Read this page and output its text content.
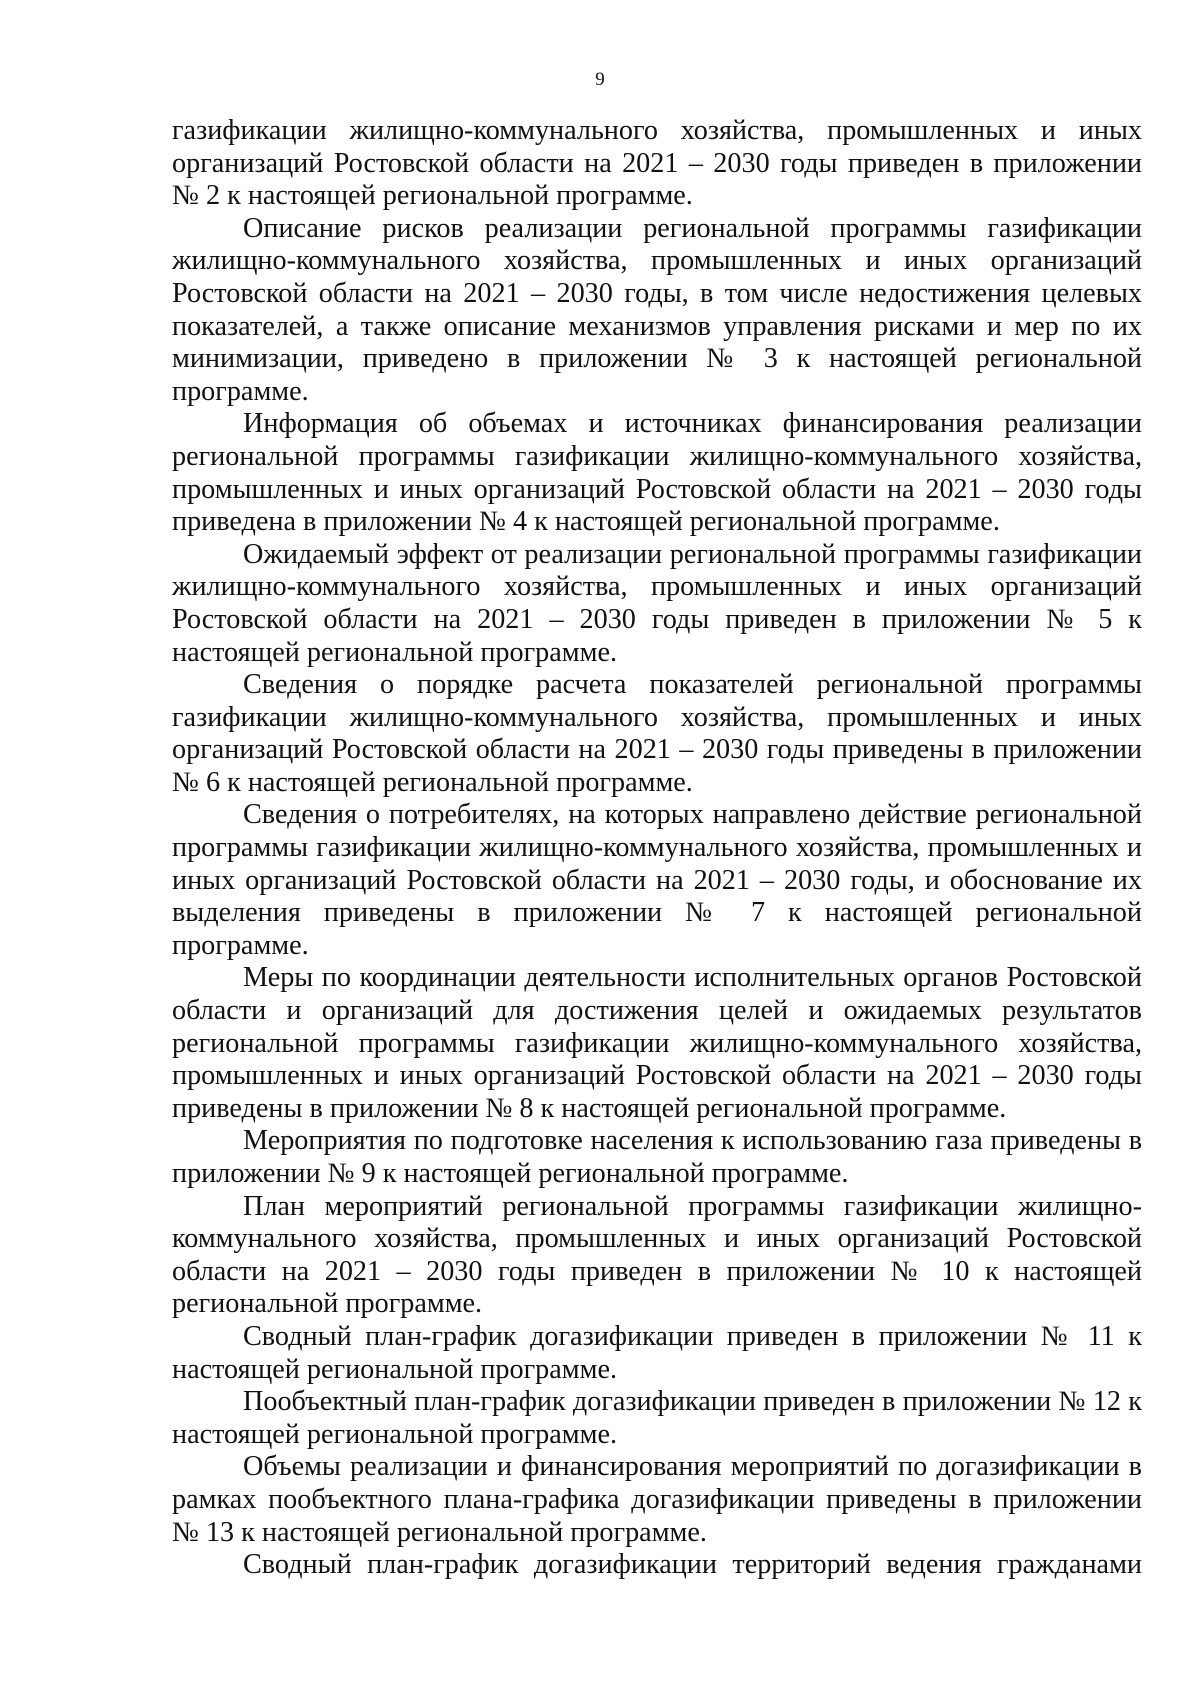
9

газификации жилищно-коммунального хозяйства, промышленных и иных организаций Ростовской области на 2021 – 2030 годы приведен в приложении № 2 к настоящей региональной программе.

Описание рисков реализации региональной программы газификации жилищно-коммунального хозяйства, промышленных и иных организаций Ростовской области на 2021 – 2030 годы, в том числе недостижения целевых показателей, а также описание механизмов управления рисками и мер по их минимизации, приведено в приложении № 3 к настоящей региональной программе.

Информация об объемах и источниках финансирования реализации региональной программы газификации жилищно-коммунального хозяйства, промышленных и иных организаций Ростовской области на 2021 – 2030 годы приведена в приложении № 4 к настоящей региональной программе.

Ожидаемый эффект от реализации региональной программы газификации жилищно-коммунального хозяйства, промышленных и иных организаций Ростовской области на 2021 – 2030 годы приведен в приложении № 5 к настоящей региональной программе.

Сведения о порядке расчета показателей региональной программы газификации жилищно-коммунального хозяйства, промышленных и иных организаций Ростовской области на 2021 – 2030 годы приведены в приложении № 6 к настоящей региональной программе.

Сведения о потребителях, на которых направлено действие региональной программы газификации жилищно-коммунального хозяйства, промышленных и иных организаций Ростовской области на 2021 – 2030 годы, и обоснование их выделения приведены в приложении № 7 к настоящей региональной программе.

Меры по координации деятельности исполнительных органов Ростовской области и организаций для достижения целей и ожидаемых результатов региональной программы газификации жилищно-коммунального хозяйства, промышленных и иных организаций Ростовской области на 2021 – 2030 годы приведены в приложении № 8 к настоящей региональной программе.

Мероприятия по подготовке населения к использованию газа приведены в приложении № 9 к настоящей региональной программе.

План мероприятий региональной программы газификации жилищно-коммунального хозяйства, промышленных и иных организаций Ростовской области на 2021 – 2030 годы приведен в приложении № 10 к настоящей региональной программе.

Сводный план-график догазификации приведен в приложении № 11 к настоящей региональной программе.

Пообъектный план-график догазификации приведен в приложении № 12 к настоящей региональной программе.

Объемы реализации и финансирования мероприятий по догазификации в рамках пообъектного плана-графика догазификации приведены в приложении № 13 к настоящей региональной программе.

Сводный план-график догазификации территорий ведения гражданами
